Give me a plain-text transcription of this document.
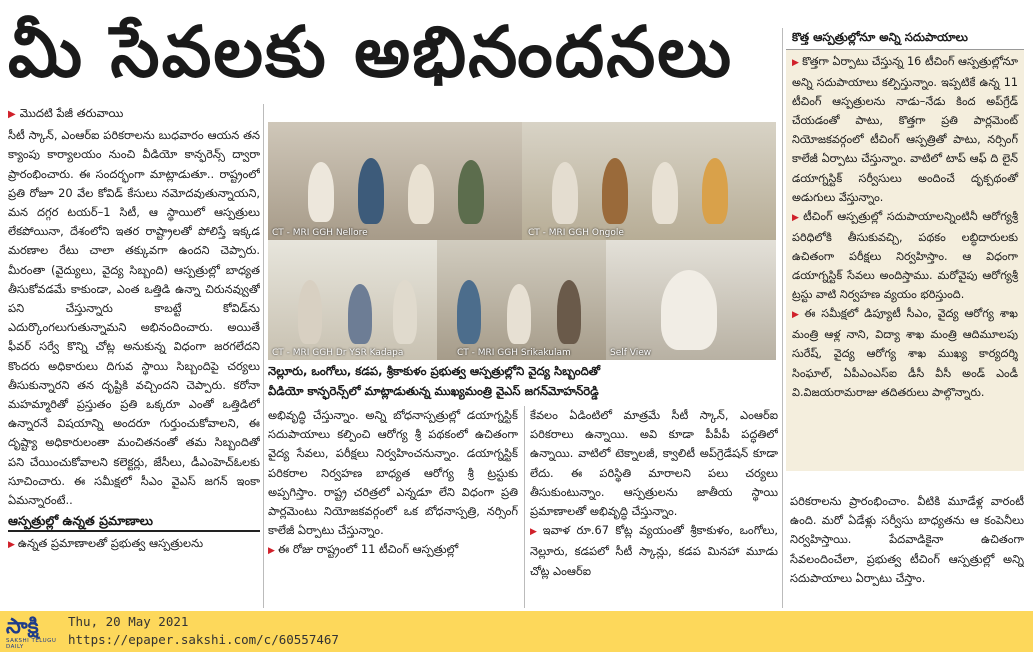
మీ సేవలకు అభినందనలు	కొత్త ఆస్పత్రుల్లోనూ అన్ని సదుపాయాలు

▶ కొత్తగా ఏర్పాటు చేస్తున్న 16 టీచింగ్‌ ఆస్పత్రుల్లోనూ అన్ని సదుపాయాలు కల్పిస్తున్నాం. ఇప్పటికే ఉన్న 11 టీచింగ్‌ ఆస్పత్రులను నాడు–నేడు కింద అప్‌గ్రేడ్‌ చేయడంతో పాటు, కొత్తగా ప్రతి పార్లమెంట్‌ నియోజకవర్గంలో టీచింగ్‌ ఆస్పత్రితో పాటు, నర్సింగ్‌ కాలేజీ ఏర్పాటు చేస్తున్నాం. వాటిలో టాప్‌ ఆఫ్‌ ది లైన్‌ డయాగ్నస్టిక్‌ సర్వీసులు అందించే దృక్పథంతో అడుగులు వేస్తున్నాం.

▶ టీచింగ్‌ ఆస్పత్రుల్లో సదుపాయాలన్నింటినీ ఆరోగ్యశ్రీ పరిధిలోకి తీసుకువచ్చి, పథకం లబ్ధిదారులకు ఉచితంగా పరీక్షలు నిర్వహిస్తాం. ఆ విధంగా డయాగ్నస్టిక్‌ సేవలు అందిస్తాము. మరోవైపు ఆరోగ్యశ్రీ ట్రస్టు వాటి నిర్వహణ వ్యయం భరిస్తుంది.

▶ ఈ సమీక్షలో డిప్యూటీ సీఎం, వైద్య ఆరోగ్య శాఖ మంత్రి ఆళ్ల నాని, విద్యా శాఖ మంత్రి ఆదిమూలపు సురేష్, వైద్య ఆరోగ్య శాఖ ముఖ్య కార్యదర్శి సింఘాల్, ఏపీఎంఎస్‌ఐ డీసీ వీసీ అండ్‌ ఎండీ వి.విజయరామరాజు తదితరులు పాల్గొన్నారు.

▶ మొదటి పేజీ తరువాయి

సీటీ స్కాన్, ఎంఆర్‌ఐ పరికరాలను బుధవారం ఆయన తన క్యాంపు కార్యాలయం నుంచి వీడియో కాన్ఫరెన్స్‌ ద్వారా ప్రారంభించారు. ఈ సందర్భంగా మాట్లాడుతూ.. రాష్ట్రంలో ప్రతి రోజూ 20 వేల కోవిడ్‌ కేసులు నమోదవుతున్నాయని, మన దగ్గర టయర్‌–1 సిటీ, ఆ స్థాయిలో ఆస్పత్రులు లేకపోయినా, దేశంలోని ఇతర రాష్ట్రాలతో పోలిస్తే ఇక్కడ మరణాల రేటు చాలా తక్కువగా ఉందని చెప్పారు. మీరంతా (వైద్యులు, వైద్య సిబ్బంది) ఆస్పత్రుల్లో బాధ్యత తీసుకోవడమే కాకుండా, ఎంత ఒత్తిడి ఉన్నా చిరునవ్వుతో పని చేస్తున్నారు కాబట్టే కోవిడ్‌ను ఎదుర్కొంగలుగుతున్నామని అభినందించారు. అయితే ఫీవర్‌ సర్వే కొన్ని చోట్ల అనుకున్న విధంగా జరగలేదని కొందరు అధికారులు దిగువ స్థాయి సిబ్బందిపై చర్యలు తీసుకున్నారని తన దృష్టికి వచ్చిందని చెప్పారు. కరోనా మహమ్మారితో ప్రస్తుతం ప్రతి ఒక్కరూ ఎంతో ఒత్తిడిలో ఉన్నారనే విషయాన్ని అందరూ గుర్తుంచుకోవాలని, ఈ దృష్ట్యా అధికారులంతా మంచితనంతో తమ సిబ్బందితో పని చేయించుకోవాలని కలెక్టర్లు, జేసీలు, డీఎంహెచ్‌ఓలకు సూచించారు. ఈ సమీక్షలో సీఎం వైఎస్‌ జగన్‌ ఇంకా ఏమన్నారంటే..

ఆస్పత్రుల్లో ఉన్నత ప్రమాణాలు

▶ ఉన్నత ప్రమాణాలతో ప్రభుత్వ ఆస్పత్రులను

CT - MRI GGH Nellore	CT - MRI GGH Ongole
CT - MRI GGH Dr YSR Kadapa	CT - MRI GGH Srikakulam	Self View

నెల్లూరు, ఒంగోలు, కడప, శ్రీకాకుళం ప్రభుత్వ ఆస్పత్రుల్లోని వైద్య సిబ్బందితో

వీడియో కాన్ఫరెన్స్‌లో మాట్లాడుతున్న ముఖ్యమంత్రి వైఎస్‌ జగన్‌మోహన్‌రెడ్డి

అభివృద్ధి చేస్తున్నాం. అన్ని బోధనాస్పత్రుల్లో డయాగ్నస్టిక్‌ సదుపాయాలు కల్పించి ఆరోగ్య శ్రీ పథకంలో ఉచితంగా వైద్య సేవలు, పరీక్షలు నిర్వహించనున్నాం. డయాగ్నస్టిక్‌ పరికరాల నిర్వహణ బాధ్యత ఆరోగ్య శ్రీ ట్రస్టుకు అప్పగిస్తాం. రాష్ట్ర చరిత్రలో ఎన్నడూ లేని విధంగా ప్రతి పార్లమెంటు నియోజకవర్గంలో ఒక బోధనాస్పత్రి, నర్సింగ్‌ కాలేజీ ఏర్పాటు చేస్తున్నాం.

▶ ఈ రోజు రాష్ట్రంలో 11 టీచింగ్‌ ఆస్పత్రుల్లో

కేవలం ఏడింటిలో మాత్రమే సీటీ స్కాన్, ఎంఆర్‌ఐ పరికరాలు ఉన్నాయి. అవి కూడా పీపీపీ పద్ధతిలో ఉన్నాయి. వాటిలో టెక్నాలజీ, క్వాలిటీ అప్‌గ్రెడేషన్‌ కూడా లేదు. ఈ పరిస్థితి మారాలని పలు చర్యలు తీసుకుంటున్నాం. ఆస్పత్రులను జాతీయ స్థాయి ప్రమాణాలతో అభివృద్ధి చేస్తున్నాం.

▶ ఇవాళ రూ.67 కోట్ల వ్యయంతో శ్రీకాకుళం, ఒంగోలు, నెల్లూరు, కడపలో సీటీ స్కాన్లు, కడప మినహా మూడు చోట్ల ఎంఆర్‌ఐ

పరికరాలను ప్రారంభించాం. వీటికి మూడేళ్ల వారంటీ ఉంది. మరో ఏడేళ్లు సర్వీసు బాధ్యతను ఆ కంపెనీలు నిర్వహిస్తాయి. పేదవాడికైనా ఉచితంగా సేవలందించేలా, ప్రభుత్వ టీచింగ్‌ ఆస్పత్రుల్లో అన్ని సదుపాయాలు ఏర్పాటు చేస్తాం.

సాక్షి
SAKSHI TELUGU DAILY
Thu, 20 May 2021
https://epaper.sakshi.com/c/60557467
